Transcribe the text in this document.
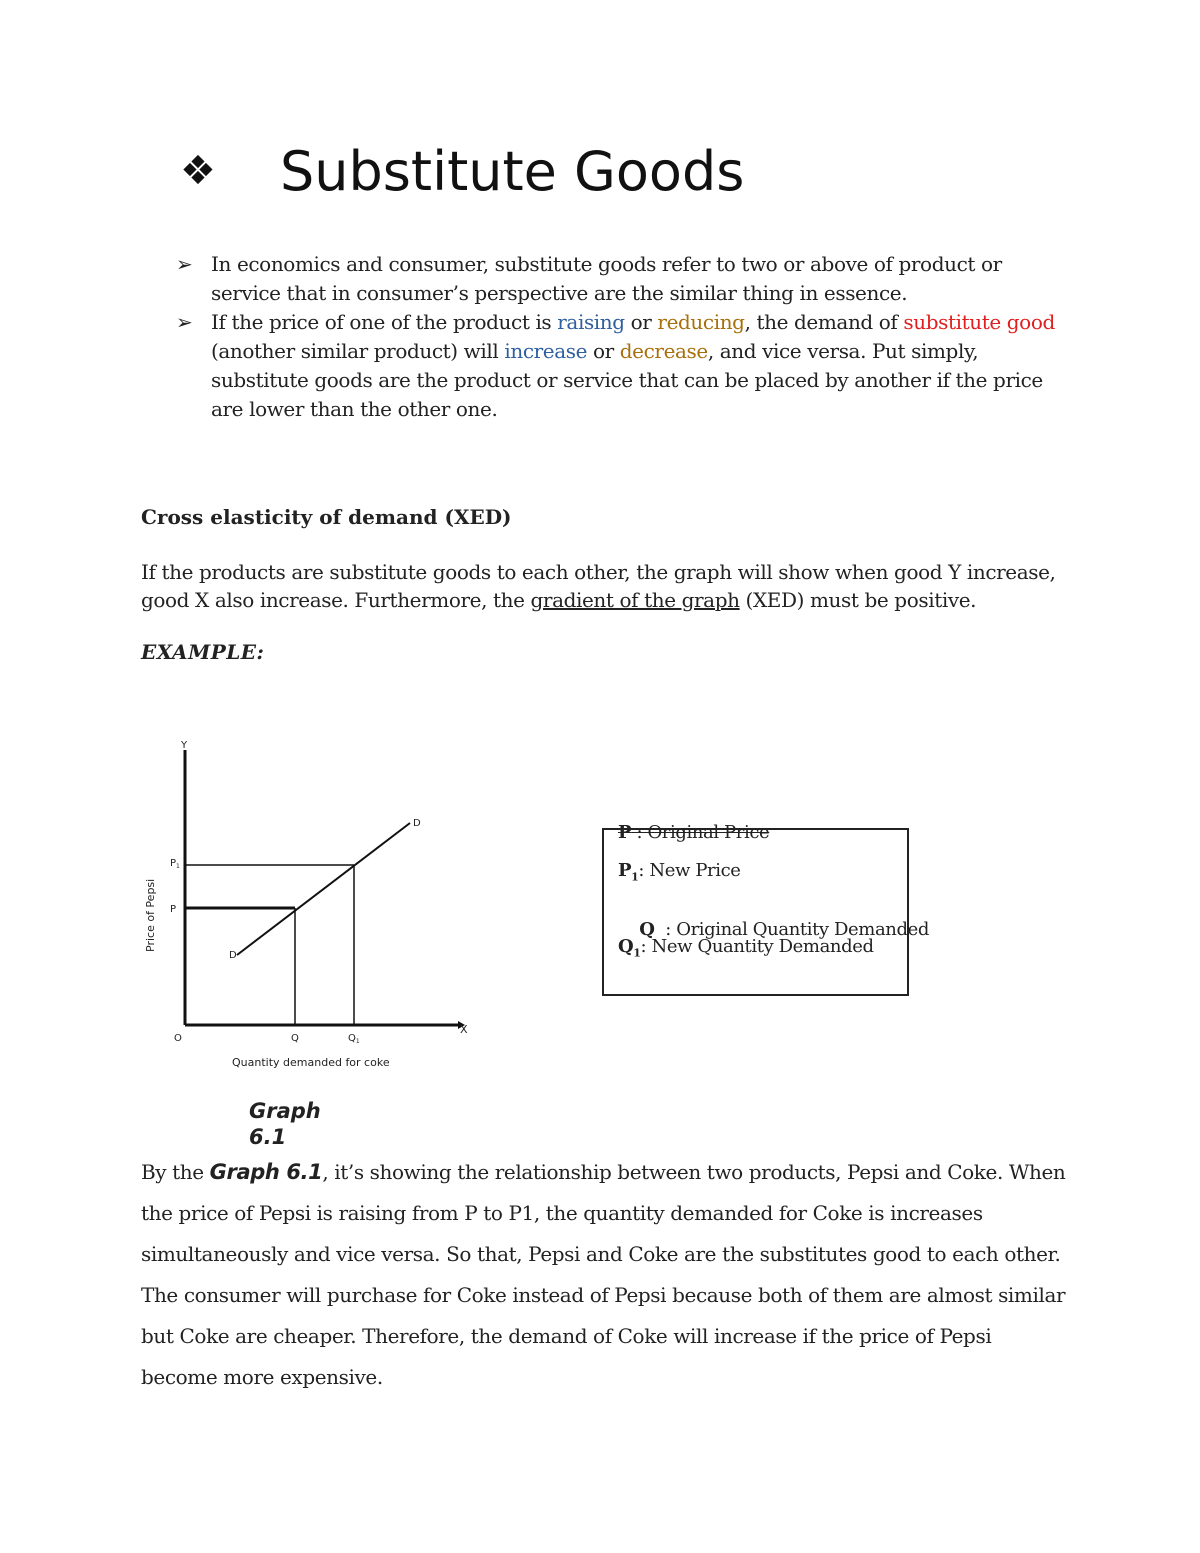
❖ Substitute Goods
➢ In economics and consumer, substitute goods refer to two or above of product or service that in consumer’s perspective are the similar thing in essence.
➢ If the price of one of the product is raising or reducing, the demand of substitute good (another similar product) will increase or decrease, and vice versa. Put simply, substitute goods are the product or service that can be placed by another if the price are lower than the other one.
Cross elasticity of demand (XED)
If the products are substitute goods to each other, the graph will show when good Y increase, good X also increase. Furthermore, the gradient of the graph (XED) must be positive.
EXAMPLE:
Y
X
O
D
D
$P_1$
P
Q	$Q_1$
Price of Pepsi
Quantity demanded for coke
P : Original Price
$P_1$: New Price

Q  : Original Quantity Demanded

$Q_1$: New Quantity Demanded
Graph 6.1
By the Graph 6.1, it’s showing the relationship between two products, Pepsi and Coke. When the price of Pepsi is raising from P to P1, the quantity demanded for Coke is increases simultaneously and vice versa. So that, Pepsi and Coke are the substitutes good to each other. The consumer will purchase for Coke instead of Pepsi because both of them are almost similar but Coke are cheaper. Therefore, the demand of Coke will increase if the price of Pepsi become more expensive.
